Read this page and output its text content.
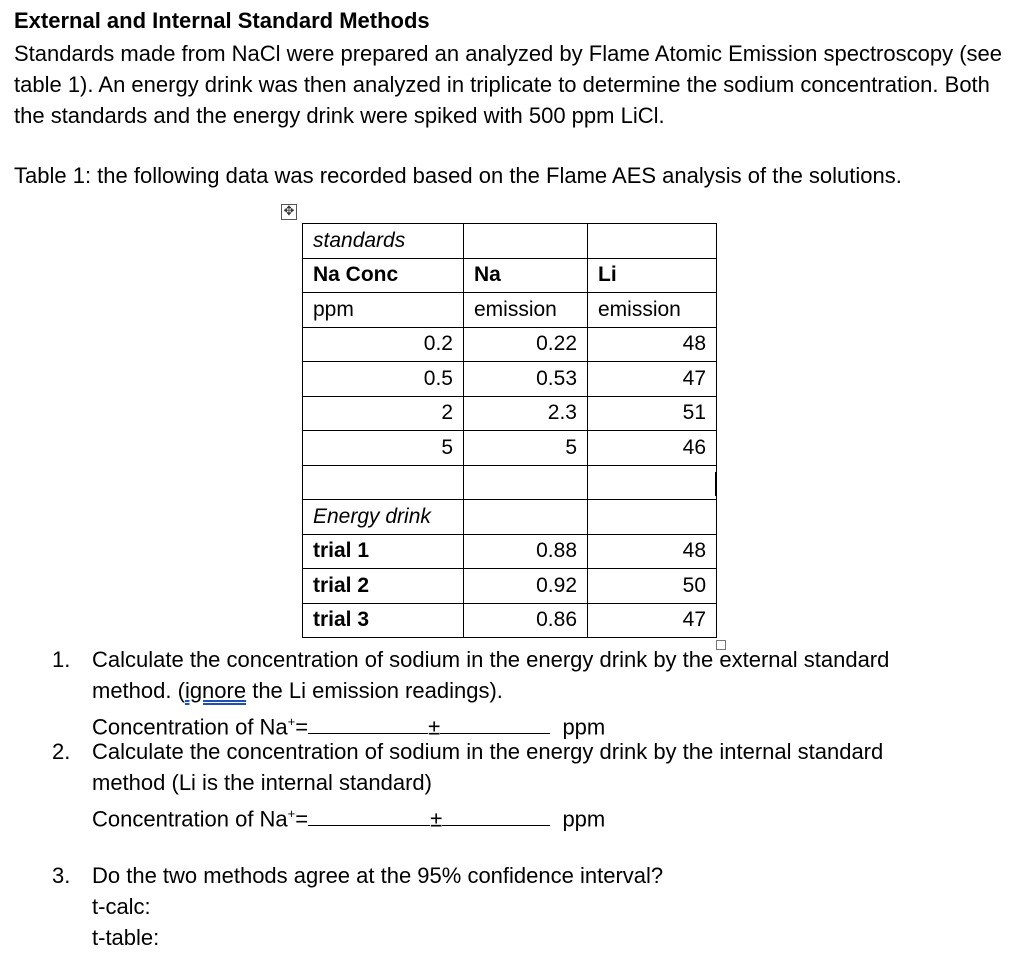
External and Internal Standard Methods
Standards made from NaCl were prepared an analyzed by Flame Atomic Emission spectroscopy (see table 1). An energy drink was then analyzed in triplicate to determine the sodium concentration. Both the standards and the energy drink were spiked with 500 ppm LiCl.
Table 1: the following data was recorded based on the Flame AES analysis of the solutions.
✥
standards		
Na Conc	Na	Li
ppm	emission	emission
0.2	0.22	48
0.5	0.53	47
2	2.3	51
5	5	46

Energy drink		
trial 1	0.88	48
trial 2	0.92	50
trial 3	0.86	47
1. Calculate the concentration of sodium in the energy drink by the external standard
method. (ignore the Li emission readings).
Concentration of Na+=	±	ppm
2. Calculate the concentration of sodium in the energy drink by the internal standard
method (Li is the internal standard)
Concentration of Na+=	±	ppm
3. Do the two methods agree at the 95% confidence interval?
t-calc:
t-table:
